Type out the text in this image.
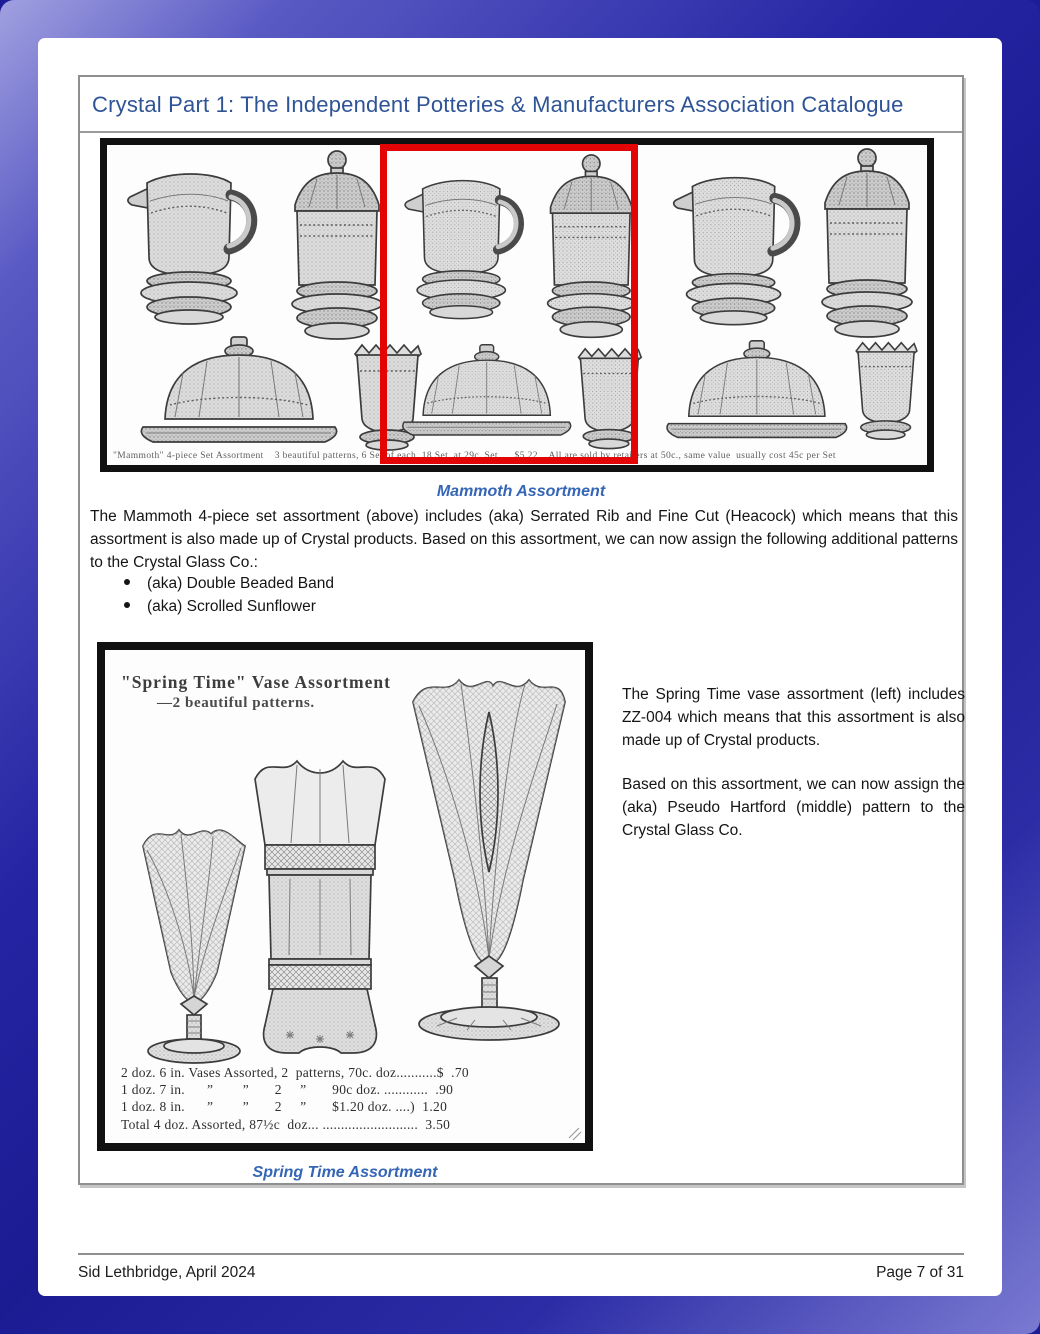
Crystal Part 1: The Independent Potteries & Manufacturers Association Catalogue
"Mammoth" 4-piece Set Assortment    3 beautiful patterns, 6 Set of each, 18 Set, at 29c. Set      $5.22    All are sold by retailers at 50c., same value  usually cost 45c per Set
Mammoth Assortment
The Mammoth 4-piece set assortment (above) includes (aka) Serrated Rib and Fine Cut (Heacock) which means that this assortment is also made up of Crystal products. Based on this assortment, we can now assign the following additional patterns to the Crystal Glass Co.:
(aka) Double Beaded Band
(aka) Scrolled Sunflower
"Spring Time" Vase Assortment
—2 beautiful patterns.
2 doz. 6 in. Vases Assorted, 2  patterns, 70c. doz...........$  .70
1 doz. 7 in.      ”        ”       2     ”       90c doz. ............  .90
1 doz. 8 in.      ”        ”       2     ”       $1.20 doz. ....)  1.20
Total 4 doz. Assorted, 87½c  doz... ..........................  3.50

The Spring Time vase assortment (left) includes ZZ-004 which means that this assortment is also made up of Crystal products.

Based on this assortment, we can now assign the (aka) Pseudo Hartford (middle) pattern to the Crystal Glass Co.

Spring Time Assortment
Sid Lethbridge, April 2024	Page 7 of 31
